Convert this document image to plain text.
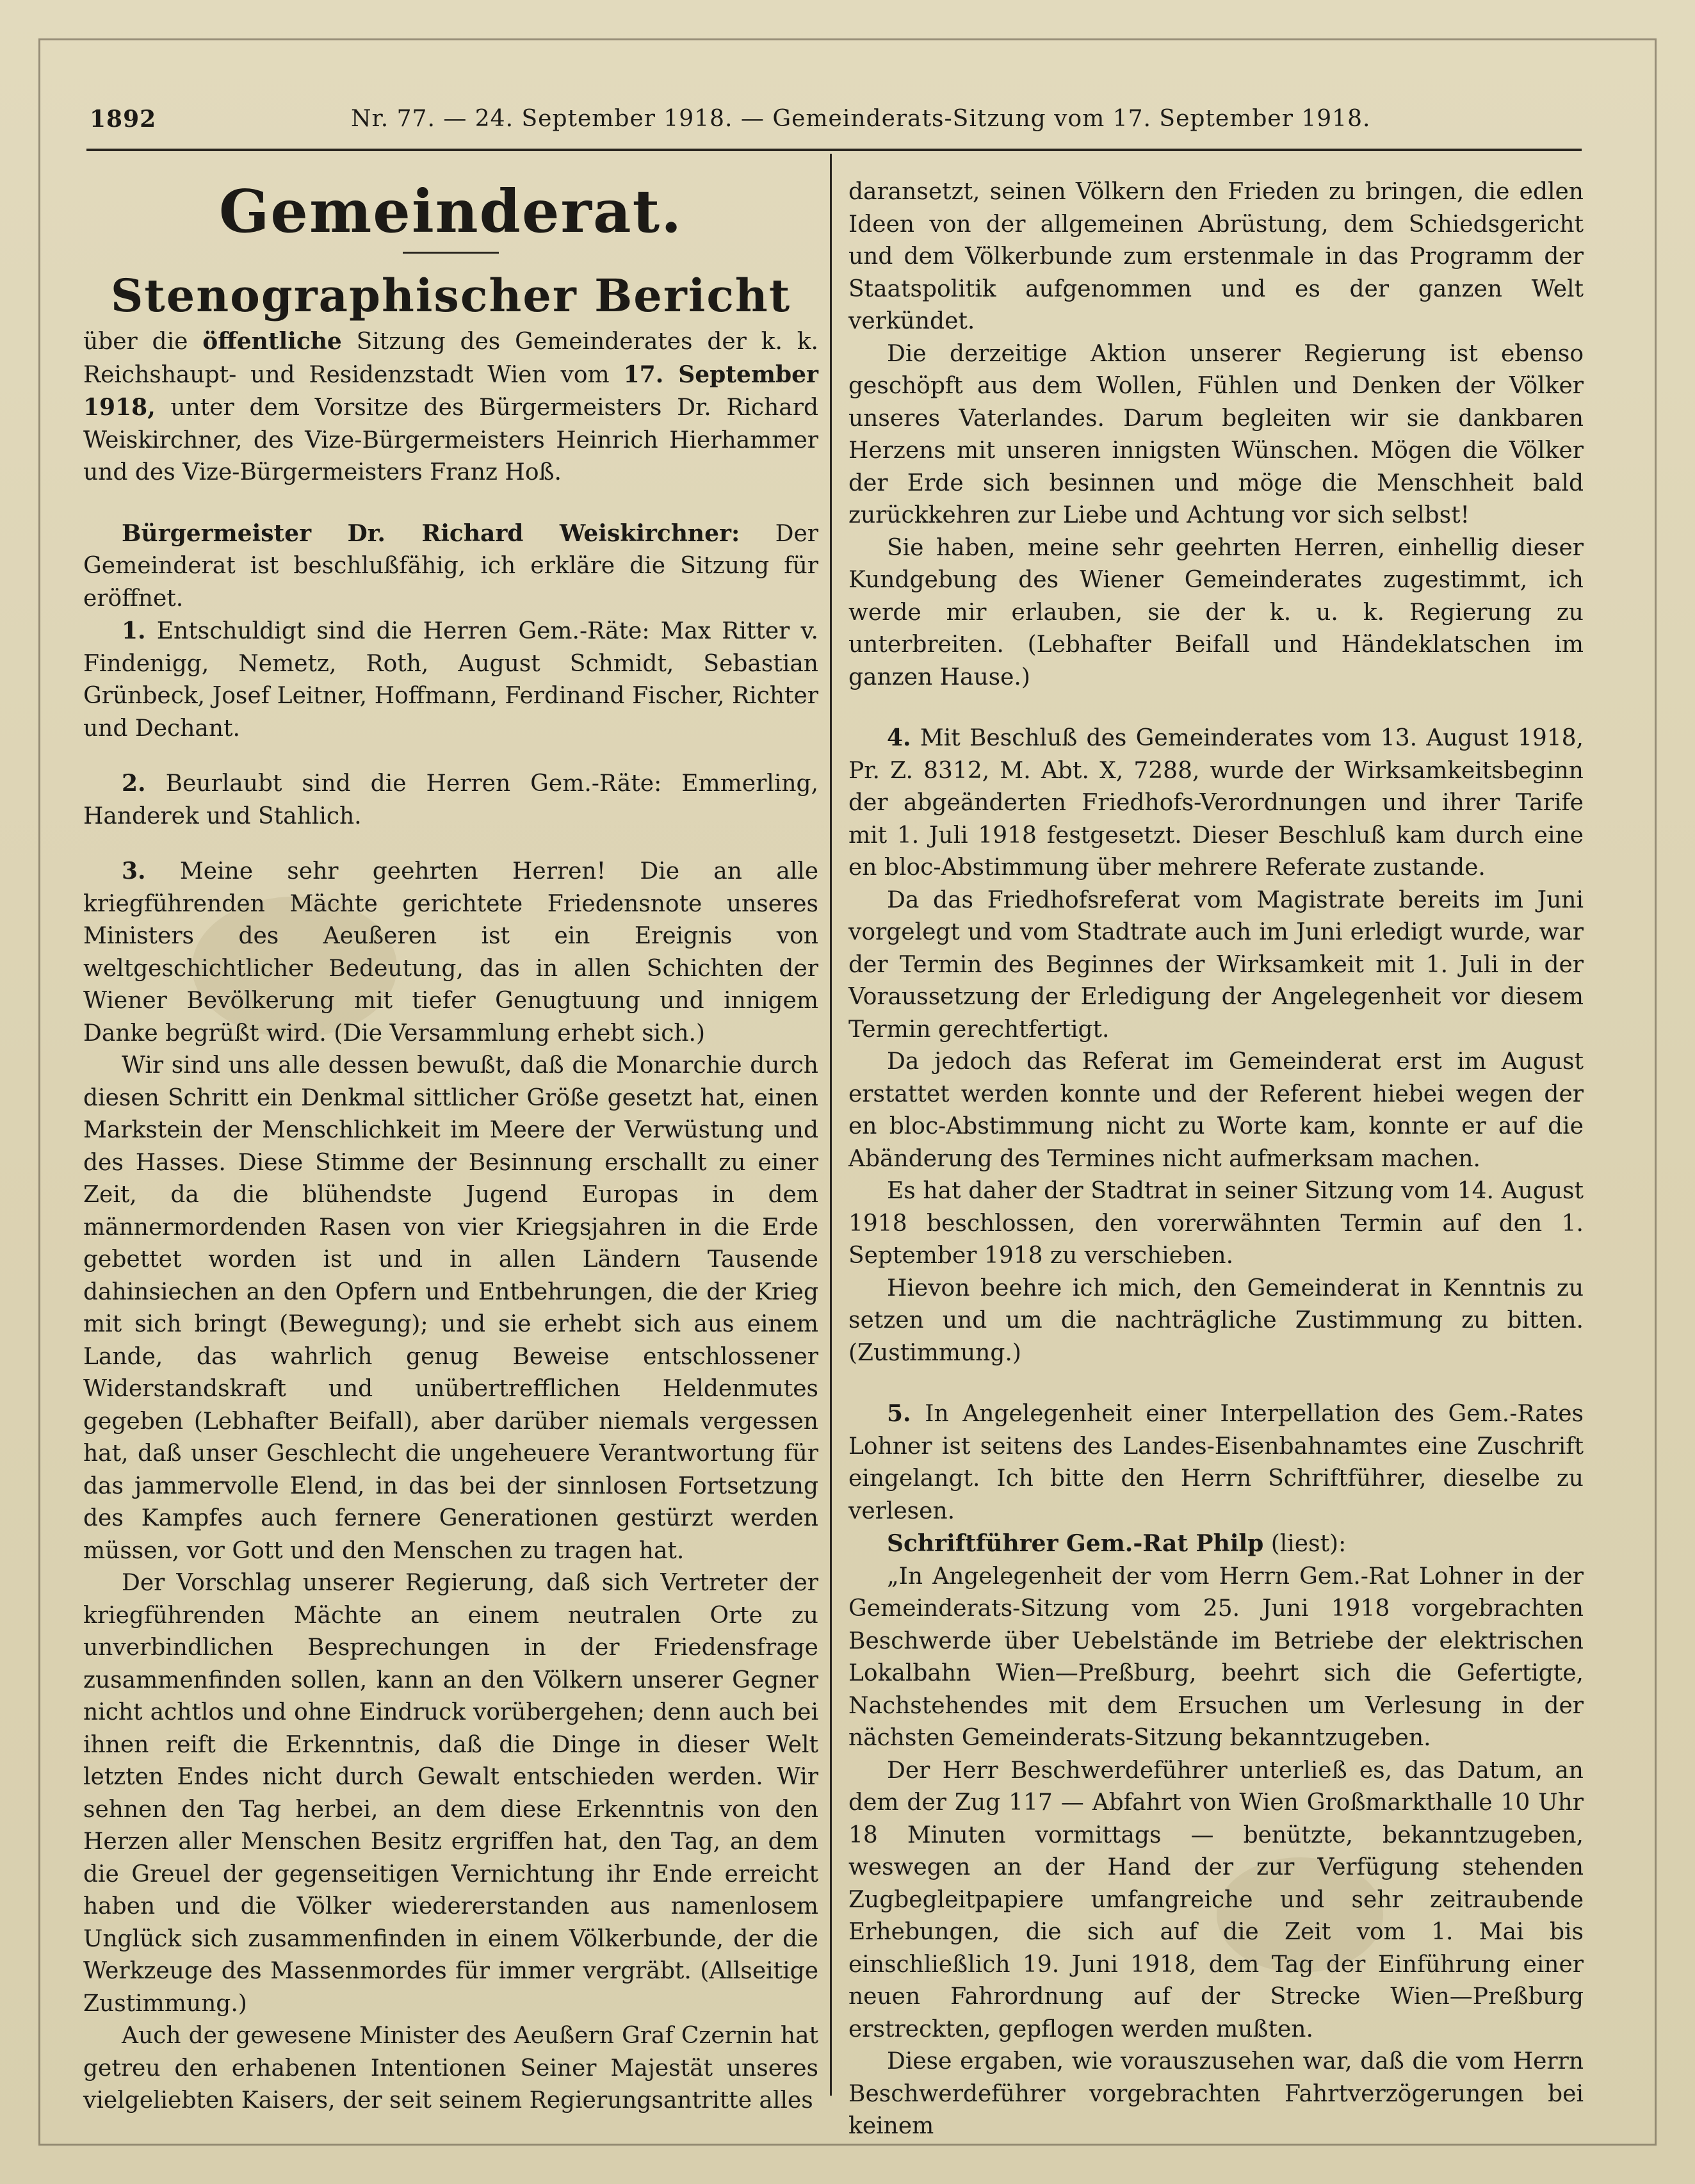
1892	Nr. 77. — 24. September 1918. — Gemeinderats-Sitzung vom 17. September 1918.
Gemeinderat.
Stenographischer Bericht

über die öffentliche Sitzung des Gemeinderates der k. k. Reichshaupt- und Residenzstadt Wien vom 17. September 1918, unter dem Vorsitze des Bürgermeisters Dr. Richard Weiskirchner, des Vize-Bürgermeisters Heinrich Hierhammer und des Vize-Bürgermeisters Franz Hoß.

Bürgermeister Dr. Richard Weiskirchner: Der Gemeinderat ist beschlußfähig, ich erkläre die Sitzung für eröffnet.

1. Entschuldigt sind die Herren Gem.-Räte: Max Ritter v. Findenigg, Nemetz, Roth, August Schmidt, Sebastian Grünbeck, Josef Leitner, Hoffmann, Ferdinand Fischer, Richter und Dechant.

2. Beurlaubt sind die Herren Gem.-Räte: Emmerling, Handerek und Stahlich.

3. Meine sehr geehrten Herren! Die an alle kriegführenden Mächte gerichtete Friedensnote unseres Ministers des Aeußeren ist ein Ereignis von weltgeschichtlicher Bedeutung, das in allen Schichten der Wiener Bevölkerung mit tiefer Genugtuung und innigem Danke begrüßt wird. (Die Versammlung erhebt sich.)

Wir sind uns alle dessen bewußt, daß die Monarchie durch diesen Schritt ein Denkmal sittlicher Größe gesetzt hat, einen Markstein der Menschlichkeit im Meere der Verwüstung und des Hasses. Diese Stimme der Besinnung erschallt zu einer Zeit, da die blühendste Jugend Europas in dem männermordenden Rasen von vier Kriegsjahren in die Erde gebettet worden ist und in allen Ländern Tausende dahinsiechen an den Opfern und Entbehrungen, die der Krieg mit sich bringt (Bewegung); und sie erhebt sich aus einem Lande, das wahrlich genug Beweise entschlossener Widerstandskraft und unübertrefflichen Heldenmutes gegeben (Lebhafter Beifall), aber darüber niemals vergessen hat, daß unser Geschlecht die ungeheuere Verantwortung für das jammervolle Elend, in das bei der sinnlosen Fortsetzung des Kampfes auch fernere Generationen gestürzt werden müssen, vor Gott und den Menschen zu tragen hat.

Der Vorschlag unserer Regierung, daß sich Vertreter der kriegführenden Mächte an einem neutralen Orte zu unverbindlichen Besprechungen in der Friedensfrage zusammenfinden sollen, kann an den Völkern unserer Gegner nicht achtlos und ohne Eindruck vorübergehen; denn auch bei ihnen reift die Erkenntnis, daß die Dinge in dieser Welt letzten Endes nicht durch Gewalt entschieden werden. Wir sehnen den Tag herbei, an dem diese Erkenntnis von den Herzen aller Menschen Besitz ergriffen hat, den Tag, an dem die Greuel der gegenseitigen Vernichtung ihr Ende erreicht haben und die Völker wiedererstanden aus namenlosem Unglück sich zusammenfinden in einem Völkerbunde, der die Werkzeuge des Massenmordes für immer vergräbt. (Allseitige Zustimmung.)

Auch der gewesene Minister des Aeußern Graf Czernin hat getreu den erhabenen Intentionen Seiner Majestät unseres vielgeliebten Kaisers, der seit seinem Regierungsantritte alles

daransetzt, seinen Völkern den Frieden zu bringen, die edlen Ideen von der allgemeinen Abrüstung, dem Schiedsgericht und dem Völkerbunde zum erstenmale in das Programm der Staatspolitik aufgenommen und es der ganzen Welt verkündet.

Die derzeitige Aktion unserer Regierung ist ebenso geschöpft aus dem Wollen, Fühlen und Denken der Völker unseres Vaterlandes. Darum begleiten wir sie dankbaren Herzens mit unseren innigsten Wünschen. Mögen die Völker der Erde sich besinnen und möge die Menschheit bald zurückkehren zur Liebe und Achtung vor sich selbst!

Sie haben, meine sehr geehrten Herren, einhellig dieser Kundgebung des Wiener Gemeinderates zugestimmt, ich werde mir erlauben, sie der k. u. k. Regierung zu unterbreiten. (Lebhafter Beifall und Händeklatschen im ganzen Hause.)

4. Mit Beschluß des Gemeinderates vom 13. August 1918, Pr. Z. 8312, M. Abt. X, 7288, wurde der Wirksamkeitsbeginn der abgeänderten Friedhofs-Verordnungen und ihrer Tarife mit 1. Juli 1918 festgesetzt. Dieser Beschluß kam durch eine en bloc-Abstimmung über mehrere Referate zustande.

Da das Friedhofsreferat vom Magistrate bereits im Juni vorgelegt und vom Stadtrate auch im Juni erledigt wurde, war der Termin des Beginnes der Wirksamkeit mit 1. Juli in der Voraussetzung der Erledigung der Angelegenheit vor diesem Termin gerechtfertigt.

Da jedoch das Referat im Gemeinderat erst im August erstattet werden konnte und der Referent hiebei wegen der en bloc-Abstimmung nicht zu Worte kam, konnte er auf die Abänderung des Termines nicht aufmerksam machen.

Es hat daher der Stadtrat in seiner Sitzung vom 14. August 1918 beschlossen, den vorerwähnten Termin auf den 1. September 1918 zu verschieben.

Hievon beehre ich mich, den Gemeinderat in Kenntnis zu setzen und um die nachträgliche Zustimmung zu bitten. (Zustimmung.)

5. In Angelegenheit einer Interpellation des Gem.-Rates Lohner ist seitens des Landes-Eisenbahnamtes eine Zuschrift eingelangt. Ich bitte den Herrn Schriftführer, dieselbe zu verlesen.

Schriftführer Gem.-Rat Philp (liest):

„In Angelegenheit der vom Herrn Gem.-Rat Lohner in der Gemeinderats-Sitzung vom 25. Juni 1918 vorgebrachten Beschwerde über Uebelstände im Betriebe der elektrischen Lokalbahn Wien—Preßburg, beehrt sich die Gefertigte, Nachstehendes mit dem Ersuchen um Verlesung in der nächsten Gemeinderats-Sitzung bekanntzugeben.

Der Herr Beschwerdeführer unterließ es, das Datum, an dem der Zug 117 — Abfahrt von Wien Großmarkthalle 10 Uhr 18 Minuten vormittags — benützte, bekanntzugeben, weswegen an der Hand der zur Verfügung stehenden Zugbegleitpapiere umfangreiche und sehr zeitraubende Erhebungen, die sich auf die Zeit vom 1. Mai bis einschließlich 19. Juni 1918, dem Tag der Einführung einer neuen Fahrordnung auf der Strecke Wien—Preßburg erstreckten, gepflogen werden mußten.

Diese ergaben, wie vorauszusehen war, daß die vom Herrn Beschwerdeführer vorgebrachten Fahrtverzögerungen bei keinem
